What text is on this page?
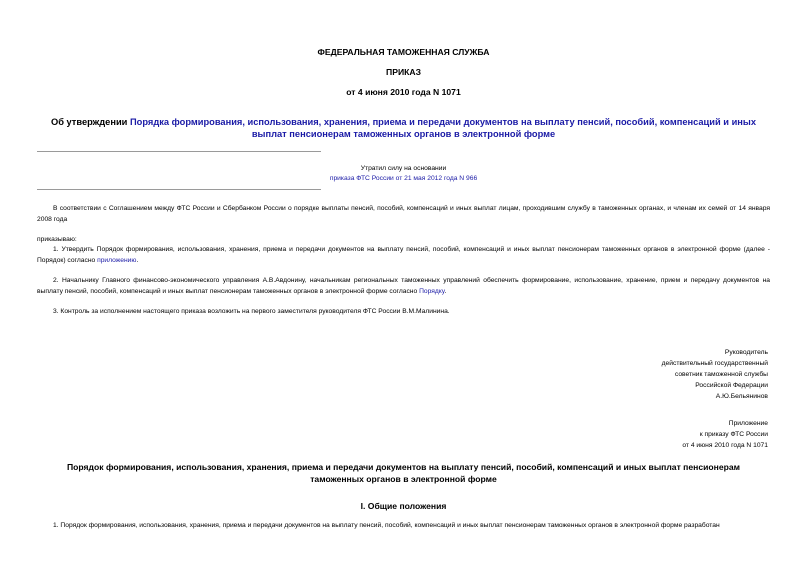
ФЕДЕРАЛЬНАЯ ТАМОЖЕННАЯ СЛУЖБА
ПРИКАЗ
от 4 июня 2010 года N 1071
Об утверждении Порядка формирования, использования, хранения, приема и передачи документов на выплату пенсий, пособий, компенсаций и иных выплат пенсионерам таможенных органов в электронной форме
Утратил силу на основании
приказа ФТС России от 21 мая 2012 года N 966
В соответствии с Соглашением между ФТС России и Сбербанком России о порядке выплаты пенсий, пособий, компенсаций и иных выплат лицам, проходившим службу в таможенных органах, и членам их семей от 14 января 2008 года
приказываю:
1. Утвердить Порядок формирования, использования, хранения, приема и передачи документов на выплату пенсий, пособий, компенсаций и иных выплат пенсионерам таможенных органов в электронной форме (далее - Порядок) согласно приложению.
2. Начальнику Главного финансово-экономического управления А.В.Авдонину, начальникам региональных таможенных управлений обеспечить формирование, использование, хранение, прием и передачу документов на выплату пенсий, пособий, компенсаций и иных выплат пенсионерам таможенных органов в электронной форме согласно Порядку.
3. Контроль за исполнением настоящего приказа возложить на первого заместителя руководителя ФТС России В.М.Малинина.
Руководитель
действительный государственный
советник таможенной службы
Российской Федерации
А.Ю.Бельянинов
Приложение
к приказу ФТС России
от 4 июня 2010 года N 1071
Порядок формирования, использования, хранения, приема и передачи документов на выплату пенсий, пособий, компенсаций и иных выплат пенсионерам таможенных органов в электронной форме
I. Общие положения
1. Порядок формирования, использования, хранения, приема и передачи документов на выплату пенсий, пособий, компенсаций и иных выплат пенсионерам таможенных органов в электронной форме разработан
